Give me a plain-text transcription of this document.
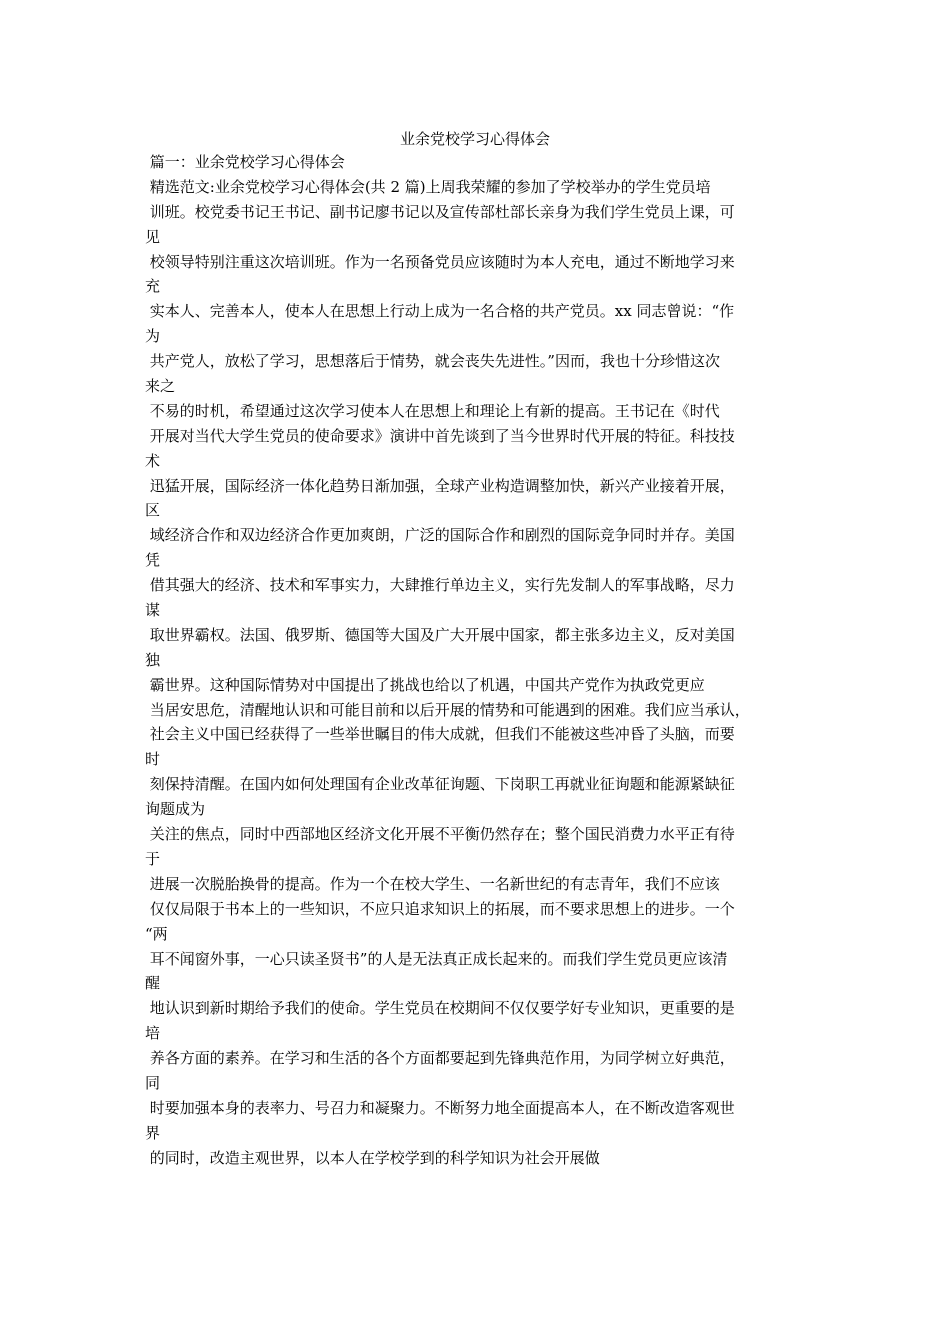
业余党校学习心得体会
篇一：业余党校学习心得体会
精选范文:业余党校学习心得体会(共 2 篇)上周我荣耀的参加了学校举办的学生党员培
训班。校党委书记王书记、副书记廖书记以及宣传部杜部长亲身为我们学生党员上课，可
见
校领导特别注重这次培训班。作为一名预备党员应该随时为本人充电，通过不断地学习来
充
实本人、完善本人，使本人在思想上行动上成为一名合格的共产党员。xx 同志曾说：“作
为
共产党人，放松了学习，思想落后于情势，就会丧失先进性。”因而，我也十分珍惜这次
来之
不易的时机，希望通过这次学习使本人在思想上和理论上有新的提高。王书记在《时代
开展对当代大学生党员的使命要求》演讲中首先谈到了当今世界时代开展的特征。科技技
术
迅猛开展，国际经济一体化趋势日渐加强，全球产业构造调整加快，新兴产业接着开展，
区
域经济合作和双边经济合作更加爽朗，广泛的国际合作和剧烈的国际竞争同时并存。美国
凭
借其强大的经济、技术和军事实力，大肆推行单边主义，实行先发制人的军事战略，尽力
谋
取世界霸权。法国、俄罗斯、德国等大国及广大开展中国家，都主张多边主义，反对美国
独
霸世界。这种国际情势对中国提出了挑战也给以了机遇，中国共产党作为执政党更应
当居安思危，清醒地认识和可能目前和以后开展的情势和可能遇到的困难。我们应当承认，
社会主义中国已经获得了一些举世瞩目的伟大成就，但我们不能被这些冲昏了头脑，而要
时
刻保持清醒。在国内如何处理国有企业改革征询题、下岗职工再就业征询题和能源紧缺征
询题成为
关注的焦点，同时中西部地区经济文化开展不平衡仍然存在；整个国民消费力水平正有待
于
进展一次脱胎换骨的提高。作为一个在校大学生、一名新世纪的有志青年，我们不应该
仅仅局限于书本上的一些知识，不应只追求知识上的拓展，而不要求思想上的进步。一个
“两
耳不闻窗外事，一心只读圣贤书”的人是无法真正成长起来的。而我们学生党员更应该清
醒
地认识到新时期给予我们的使命。学生党员在校期间不仅仅要学好专业知识，更重要的是
培
养各方面的素养。在学习和生活的各个方面都要起到先锋典范作用，为同学树立好典范，
同
时要加强本身的表率力、号召力和凝聚力。不断努力地全面提高本人，在不断改造客观世
界
的同时，改造主观世界，以本人在学校学到的科学知识为社会开展做
